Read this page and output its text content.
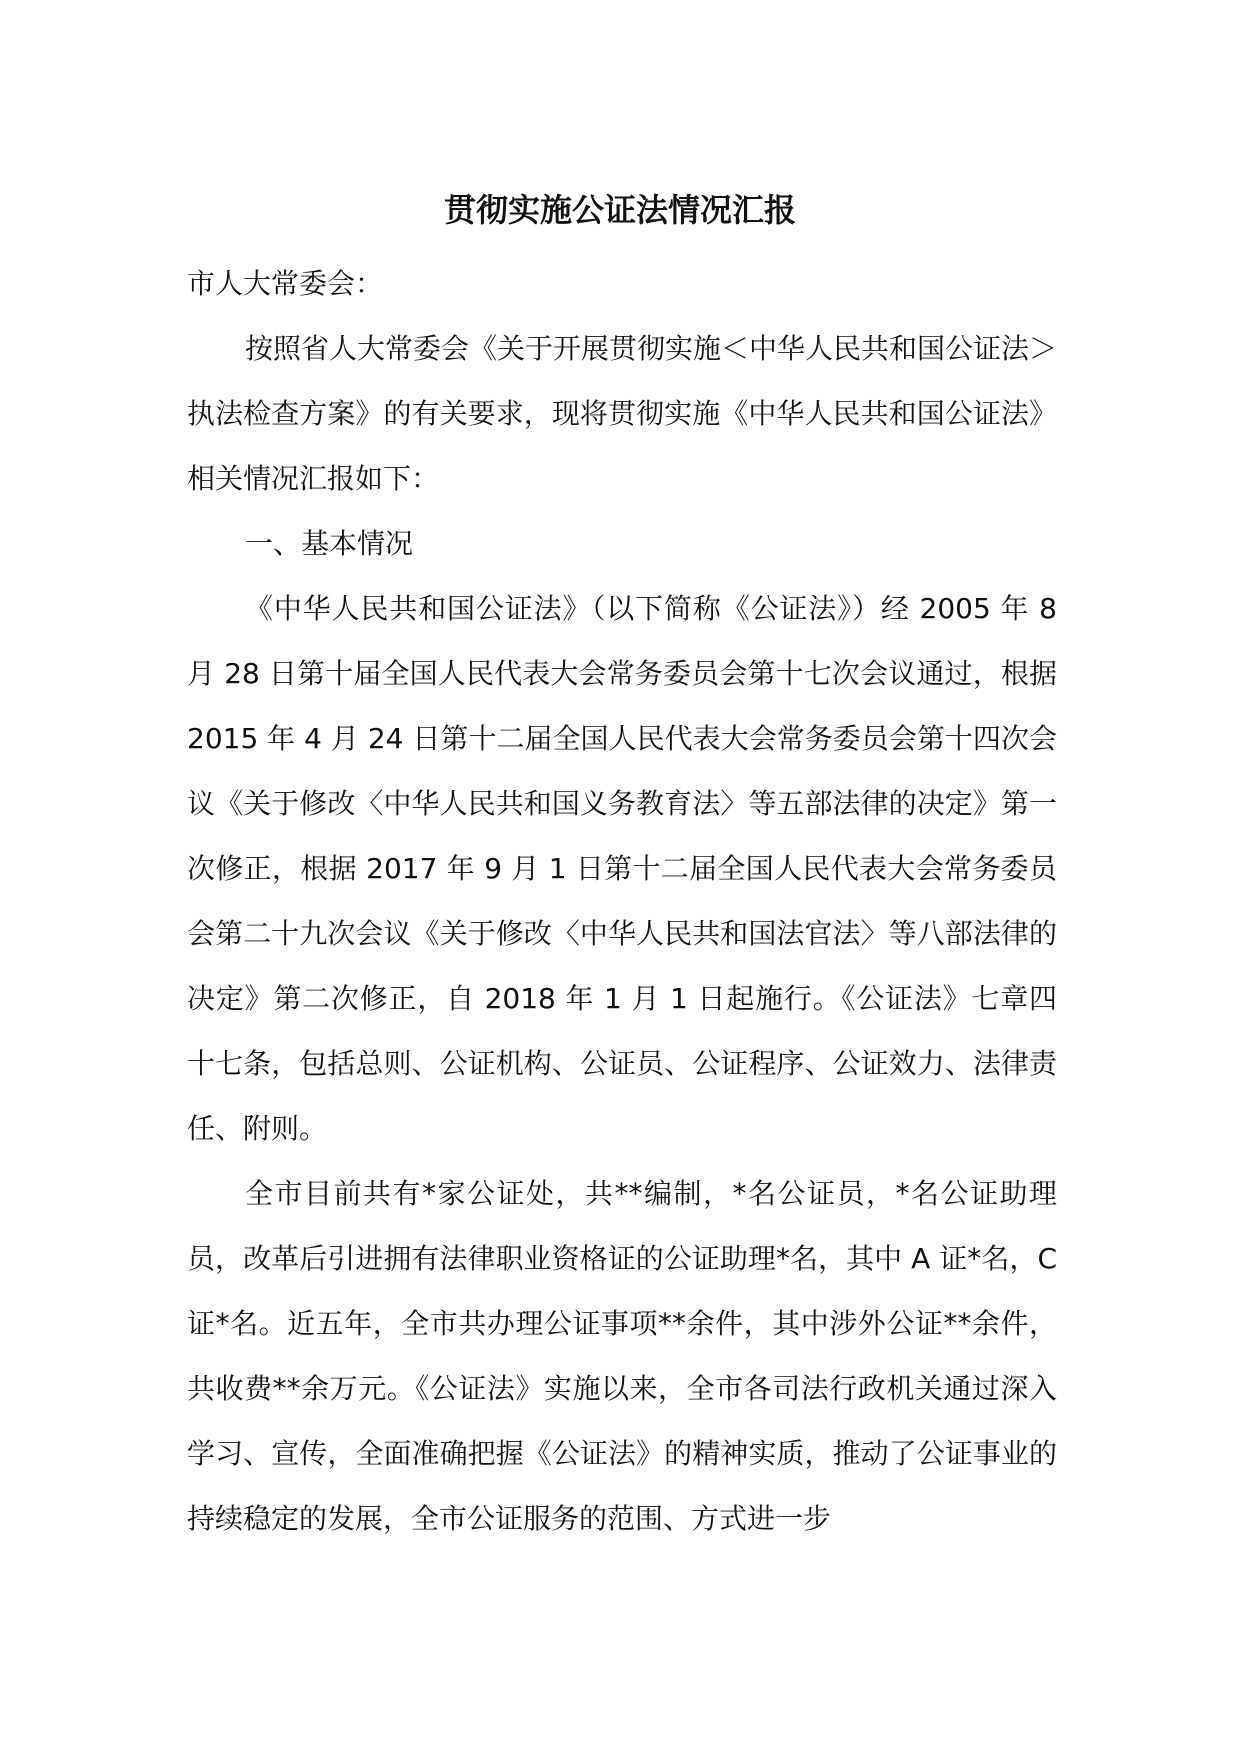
贯彻实施公证法情况汇报

市人大常委会：

按照省人大常委会《关于开展贯彻实施＜中华人民共和国公证法＞执法检查方案》的有关要求，现将贯彻实施《中华人民共和国公证法》相关情况汇报如下：

一、基本情况

《中华人民共和国公证法》（以下简称《公证法》）经 2005 年 8 月 28 日第十届全国人民代表大会常务委员会第十七次会议通过，根据 2015 年 4 月 24 日第十二届全国人民代表大会常务委员会第十四次会议《关于修改〈中华人民共和国义务教育法〉等五部法律的决定》第一次修正，根据 2017 年 9 月 1 日第十二届全国人民代表大会常务委员会第二十九次会议《关于修改〈中华人民共和国法官法〉等八部法律的决定》第二次修正，自 2018 年 1 月 1 日起施行。《公证法》七章四十七条，包括总则、公证机构、公证员、公证程序、公证效力、法律责任、附则。

全市目前共有*家公证处，共**编制，*名公证员，*名公证助理员，改革后引进拥有法律职业资格证的公证助理*名，其中 A 证*名，C 证*名。近五年，全市共办理公证事项**余件，其中涉外公证**余件，共收费**余万元。《公证法》实施以来，全市各司法行政机关通过深入学习、宣传，全面准确把握《公证法》的精神实质，推动了公证事业的持续稳定的发展，全市公证服务的范围、方式进一步
